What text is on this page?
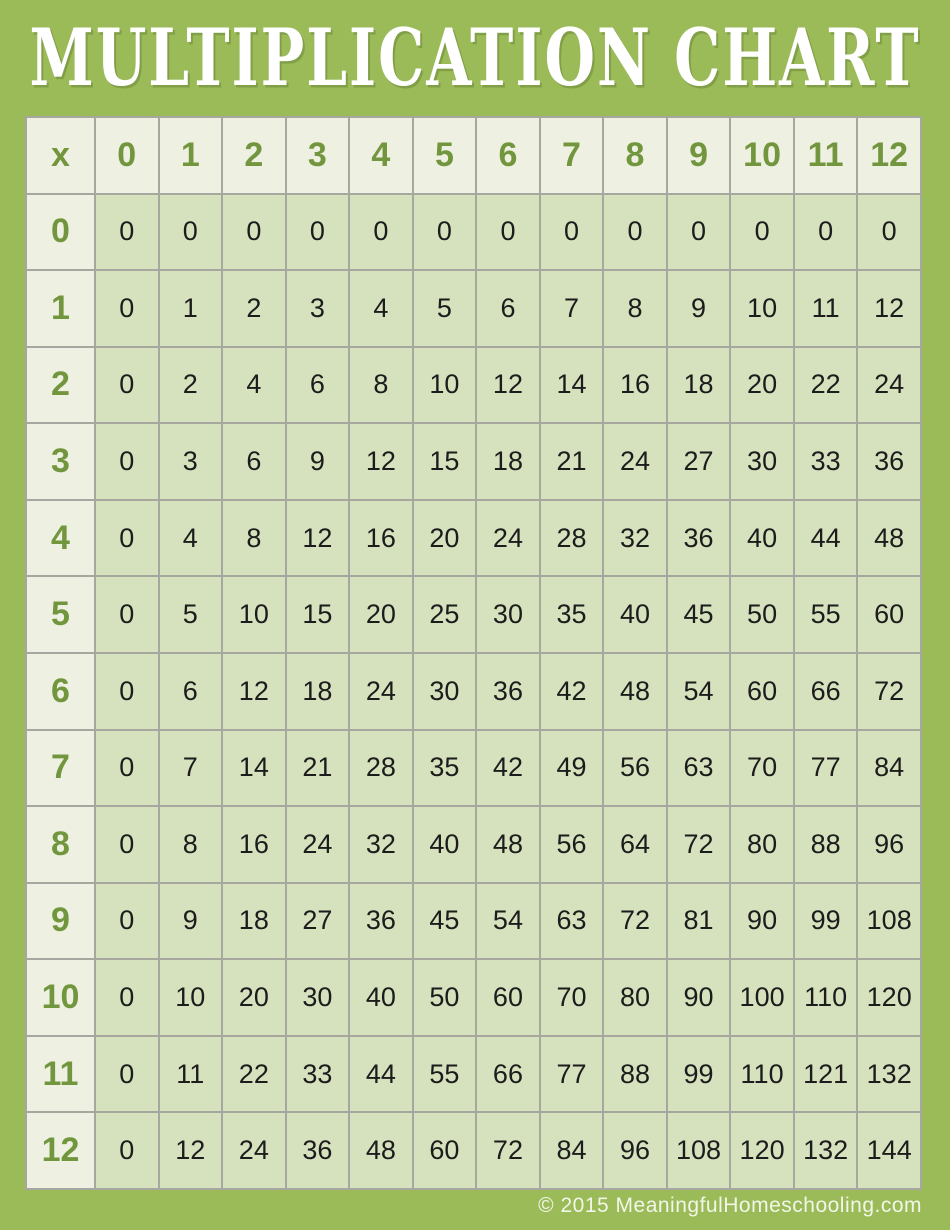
MULTIPLICATION CHART
x	0	1	2	3	4	5	6	7	8	9	10	11	12
0	0	0	0	0	0	0	0	0	0	0	0	0	0
1	0	1	2	3	4	5	6	7	8	9	10	11	12
2	0	2	4	6	8	10	12	14	16	18	20	22	24
3	0	3	6	9	12	15	18	21	24	27	30	33	36
4	0	4	8	12	16	20	24	28	32	36	40	44	48
5	0	5	10	15	20	25	30	35	40	45	50	55	60
6	0	6	12	18	24	30	36	42	48	54	60	66	72
7	0	7	14	21	28	35	42	49	56	63	70	77	84
8	0	8	16	24	32	40	48	56	64	72	80	88	96
9	0	9	18	27	36	45	54	63	72	81	90	99	108
10	0	10	20	30	40	50	60	70	80	90	100	110	120
11	0	11	22	33	44	55	66	77	88	99	110	121	132
12	0	12	24	36	48	60	72	84	96	108	120	132	144
© 2015 MeaningfulHomeschooling.com
